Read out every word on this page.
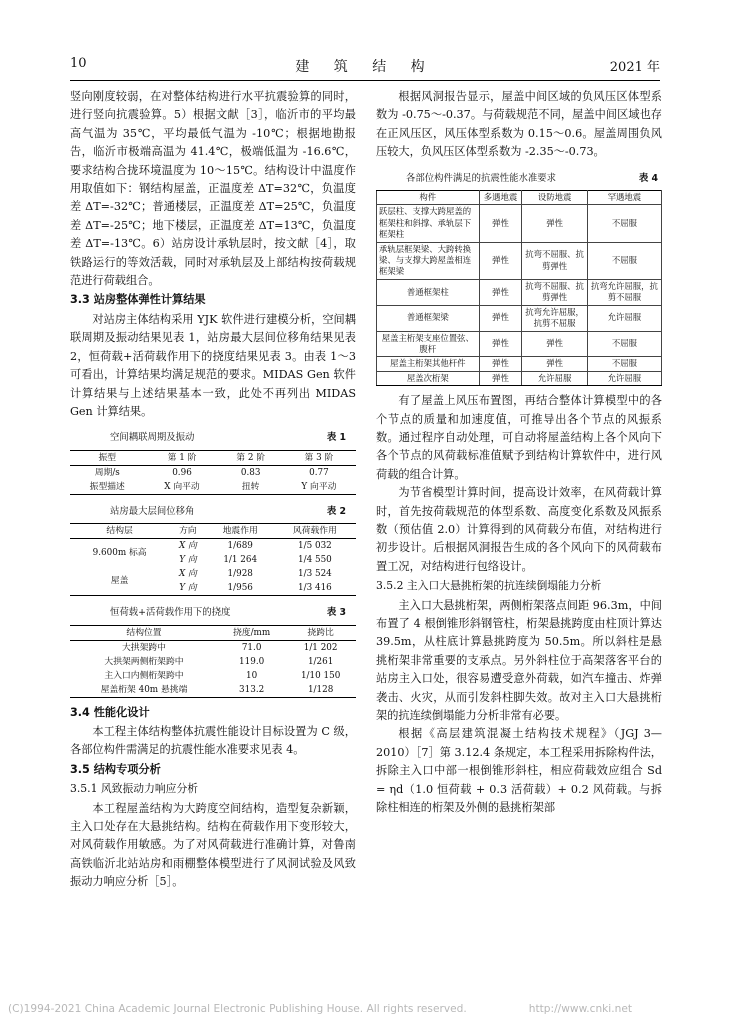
10	建 筑 结 构	2021 年

竖向刚度较弱，在对整体结构进行水平抗震验算的同时，进行竖向抗震验算。5）根据文献［3］，临沂市的平均最高气温为 35℃，平均最低气温为 -10℃；根据地勘报告，临沂市极端高温为 41.4℃，极端低温为 -16.6℃，要求结构合拢环境温度为 10～15℃。结构设计中温度作用取值如下：钢结构屋盖，正温度差 ΔT=32℃，负温度差 ΔT=-32℃；普通楼层，正温度差 ΔT=25℃，负温度差 ΔT=-25℃；地下楼层，正温度差 ΔT=13℃，负温度差 ΔT=-13℃。6）站房设计承轨层时，按文献［4］，取铁路运行的等效活载，同时对承轨层及上部结构按荷载规范进行荷载组合。

3.3 站房整体弹性计算结果

对站房主体结构采用 YJK 软件进行建模分析，空间耦联周期及振动结果见表 1，站房最大层间位移角结果见表 2，恒荷载+活荷载作用下的挠度结果见表 3。由表 1～3 可看出，计算结果均满足规范的要求。MIDAS Gen 软件计算结果与上述结果基本一致，此处不再列出 MIDAS Gen 计算结果。

空间耦联周期及振动	表 1
振型	第 1 阶	第 2 阶	第 3 阶
周期/s	0.96	0.83	0.77
振型描述	X 向平动	扭转	Y 向平动
站房最大层间位移角	表 2
结构层	方向	地震作用	风荷载作用
9.600m 标高	X 向	1/689	1/5 032
	Y 向	1/1 264	1/4 550
屋盖	X 向	1/928	1/3 524
	Y 向	1/956	1/3 416
恒荷载+活荷载作用下的挠度	表 3
结构位置	挠度/mm	挠跨比
大拱架跨中	71.0	1/1 202
大拱架两侧桁架跨中	119.0	1/261
主入口内侧桁架跨中	10	1/10 150
屋盖桁架 40m 悬挑端	313.2	1/128
3.4 性能化设计

本工程主体结构整体抗震性能设计目标设置为 C 级，各部位构件需满足的抗震性能水准要求见表 4。

3.5 结构专项分析
3.5.1 风致振动力响应分析

本工程屋盖结构为大跨度空间结构，造型复杂新颖，主入口处存在大悬挑结构。结构在荷载作用下变形较大，对风荷载作用敏感。为了对风荷载进行准确计算，对鲁南高铁临沂北站站房和雨棚整体模型进行了风洞试验及风致振动力响应分析［5］。

根据风洞报告显示，屋盖中间区域的负风压区体型系数为 -0.75～-0.37。与荷载规范不同，屋盖中间区域也存在正风压区，风压体型系数为 0.15～0.6。屋盖周围负风压较大，负风压区体型系数为 -2.35～-0.73。

各部位构件满足的抗震性能水准要求	表 4
构件	多遇地震	设防地震	罕遇地震
跃层柱、支撑大跨屋盖的框架柱和斜撑、承轨层下框架柱	弹性	弹性	不屈服
承轨层框架梁、大跨转换梁、与支撑大跨屋盖相连框架梁	弹性	抗弯不屈服、抗剪弹性	不屈服
普通框架柱	弹性	抗弯不屈服、抗剪弹性	抗弯允许屈服，抗剪不屈服
普通框架梁	弹性	抗弯允许屈服，抗剪不屈服	允许屈服
屋盖主桁架支座位置弦、腹杆	弹性	弹性	不屈服
屋盖主桁架其他杆件	弹性	弹性	不屈服
屋盖次桁架	弹性	允许屈服	允许屈服

有了屋盖上风压布置图，再结合整体计算模型中的各个节点的质量和加速度值，可推导出各个节点的风振系数。通过程序自动处理，可自动将屋盖结构上各个风向下各个节点的风荷载标准值赋予到结构计算软件中，进行风荷载的组合计算。

为节省模型计算时间，提高设计效率，在风荷载计算时，首先按荷载规范的体型系数、高度变化系数及风振系数（预估值 2.0）计算得到的风荷载分布值，对结构进行初步设计。后根据风洞报告生成的各个风向下的风荷载布置工况，对结构进行包络设计。

3.5.2 主入口大悬挑桁架的抗连续倒塌能力分析

主入口大悬挑桁架，两侧桁架落点间距 96.3m，中间布置了 4 根倒锥形斜钢管柱，桁架悬挑跨度由柱顶计算达 39.5m，从柱底计算悬挑跨度为 50.5m。所以斜柱是悬挑桁架非常重要的支承点。另外斜柱位于高架落客平台的站房主入口处，很容易遭受意外荷载，如汽车撞击、炸弹袭击、火灾，从而引发斜柱脚失效。故对主入口大悬挑桁架的抗连续倒塌能力分析非常有必要。

根据《高层建筑混凝土结构技术规程》（JGJ 3—2010）［7］第 3.12.4 条规定，本工程采用拆除构件法，拆除主入口中部一根倒锥形斜柱，相应荷载效应组合 Sd = ηd（1.0 恒荷载 + 0.3 活荷载）+ 0.2 风荷载。与拆除柱相连的桁架及外侧的悬挑桁架部

(C)1994-2021 China Academic Journal Electronic Publishing House. All rights reserved.	http://www.cnki.net
